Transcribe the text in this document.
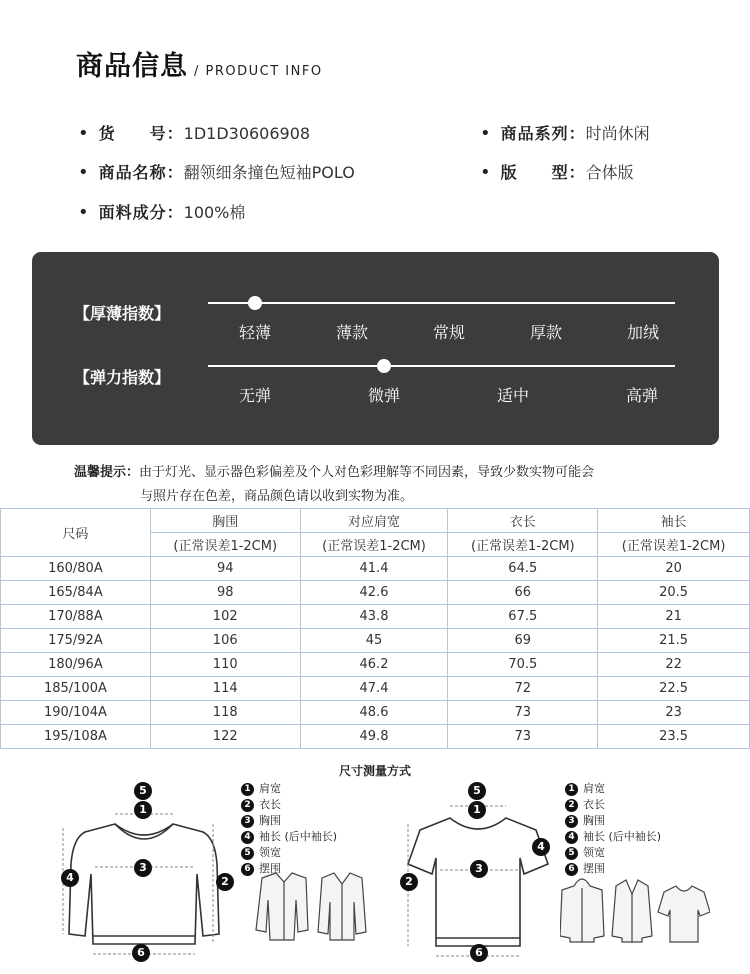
商品信息 / PRODUCT INFO
• 货　　号：1D1D30606908	• 商品系列：时尚休闲
• 商品名称：翻领细条撞色短袖POLO	• 版　　型：合体版
• 面料成分：100%棉
【厚薄指数】
轻薄	薄款	常规	厚款	加绒
【弹力指数】
无弹	微弹	适中	高弹
温馨提示：由于灯光、显示器色彩偏差及个人对色彩理解等不同因素，导致少数实物可能会
与照片存在色差，商品颜色请以收到实物为准。
尺码	胸围	对应肩宽	衣长	袖长
	(正常误差1-2CM)	(正常误差1-2CM)	(正常误差1-2CM)	(正常误差1-2CM)
160/80A	94	41.4	64.5	20
165/84A	98	42.6	66	20.5
170/88A	102	43.8	67.5	21
175/92A	106	45	69	21.5
180/96A	110	46.2	70.5	22
185/100A	114	47.4	72	22.5
190/104A	118	48.6	73	23
195/108A	122	49.8	73	23.5
尺寸测量方式
5
1
3
2
4
6
1 肩宽
2 衣长
3 胸围
4 袖长 (后中袖长)
5 领宽
6 摆围
5
1
3
2
4
6
1 肩宽
2 衣长
3 胸围
4 袖长 (后中袖长)
5 领宽
6 摆围
